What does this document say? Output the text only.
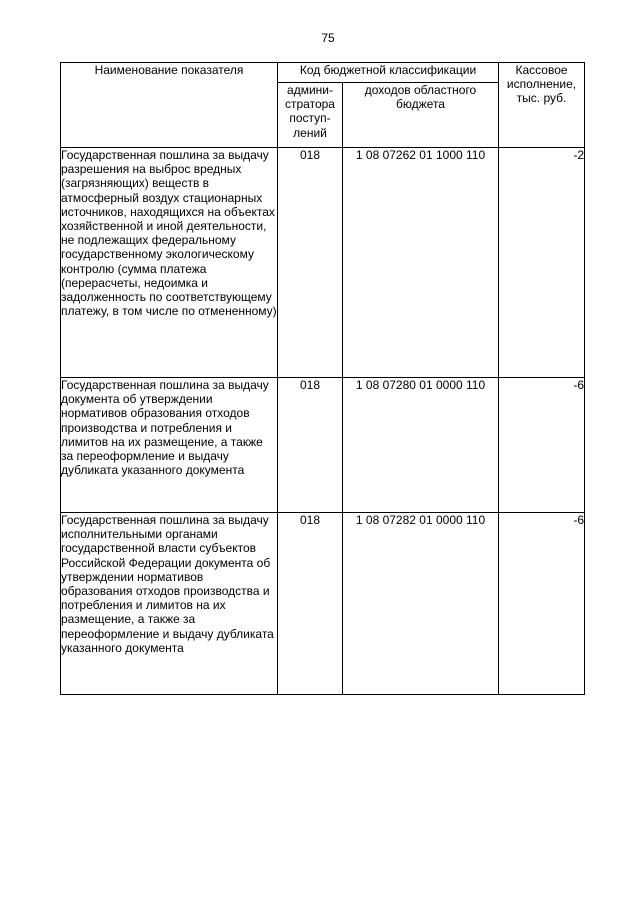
75
Наименование показателя	Код бюджетной классификации		Кассовое исполнение, тыс. руб.
	админи-стратора поступ-лений	доходов областного бюджета	
Государственная пошлина за выдачу разрешения на выброс вредных (загрязняющих) веществ в атмосферный воздух стационарных источников, находящихся на объектах хозяйственной и иной деятельности, не подлежащих федеральному государственному экологическому контролю (сумма платежа (перерасчеты, недоимка и задолженность по соответствующему платежу, в том числе по отмененному)	018	1 08 07262 01 1000 110	-2
Государственная пошлина за выдачу документа об утверждении нормативов образования отходов производства и потребления и лимитов на их размещение, а также за переоформление и выдачу дубликата указанного документа	018	1 08 07280 01 0000 110	-6
Государственная пошлина за выдачу исполнительными органами государственной власти субъектов Российской Федерации документа об утверждении нормативов образования отходов производства и потребления и лимитов на их размещение, а также за переоформление и выдачу дубликата указанного документа	018	1 08 07282 01 0000 110	-6
